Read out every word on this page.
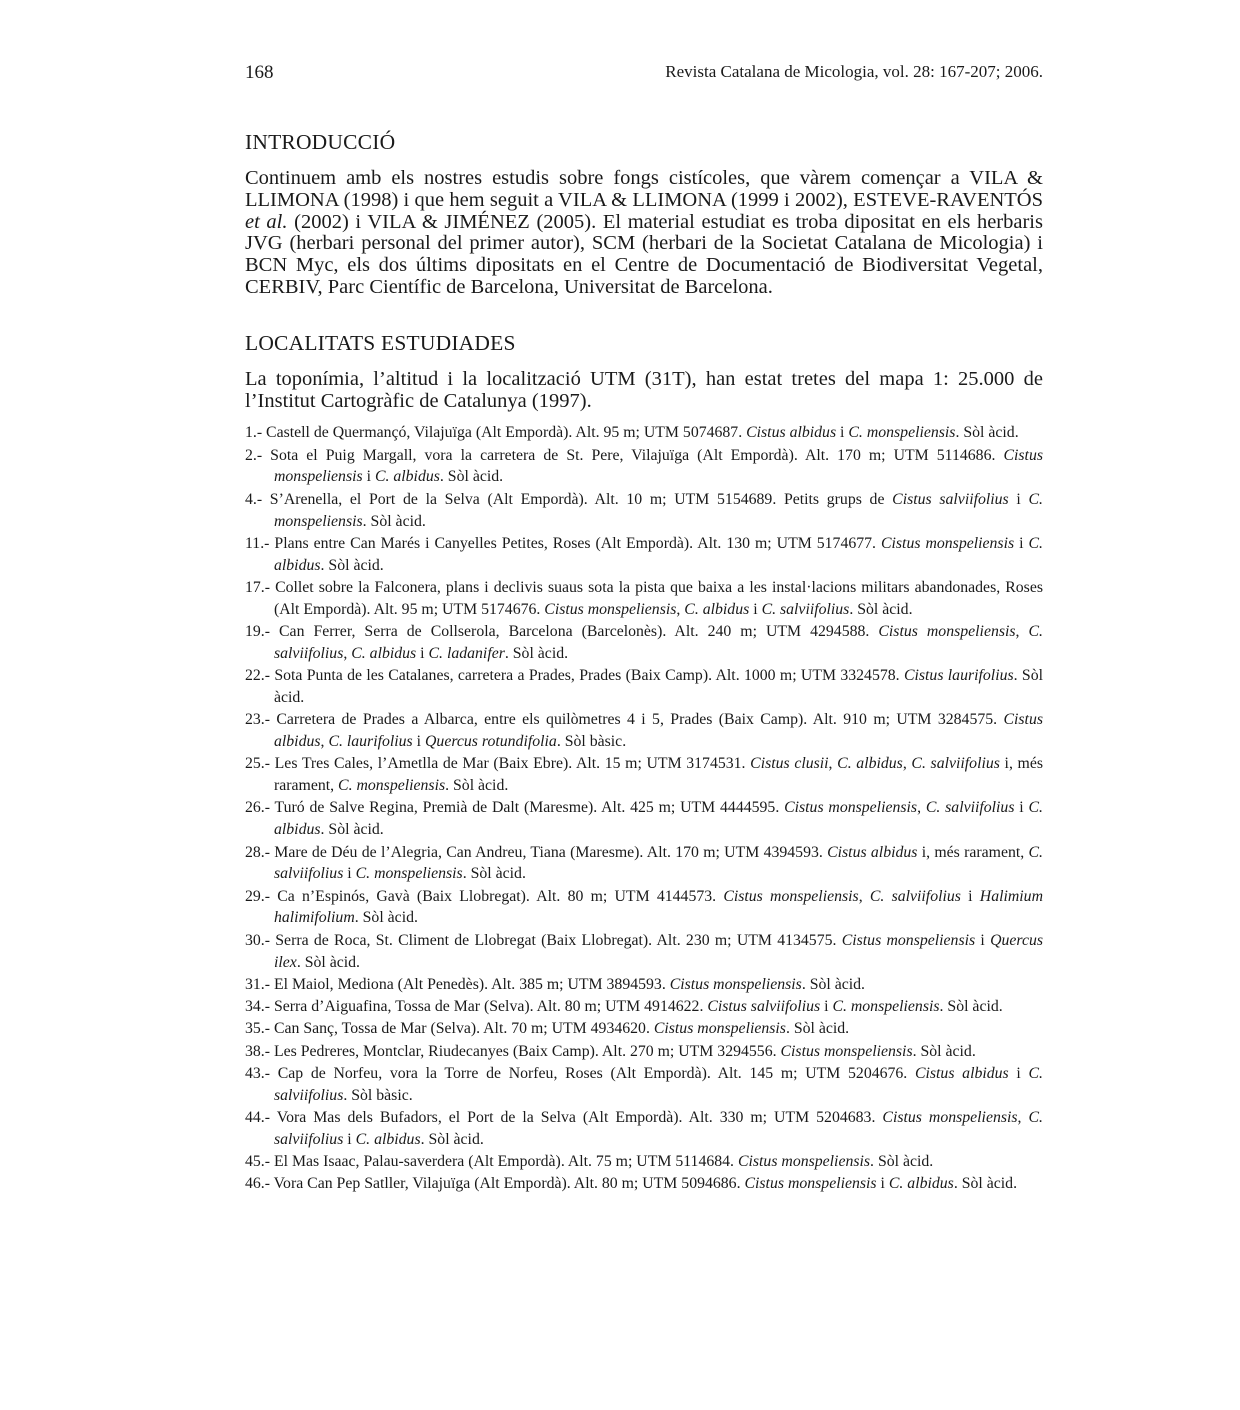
168	Revista Catalana de Micologia, vol. 28: 167-207; 2006.
INTRODUCCIÓ

Continuem amb els nostres estudis sobre fongs cistícoles, que vàrem començar a VILA & LLIMONA (1998) i que hem seguit a VILA & LLIMONA (1999 i 2002), ESTEVE-RAVENTÓS et al. (2002) i VILA & JIMÉNEZ (2005). El material estudiat es troba dipositat en els herbaris JVG (herbari personal del primer autor), SCM (herbari de la Societat Catalana de Micologia) i BCN Myc, els dos últims dipositats en el Centre de Documentació de Biodiversitat Vegetal, CERBIV, Parc Científic de Barcelona, Universitat de Barcelona.

LOCALITATS ESTUDIADES

La toponímia, l’altitud i la localització UTM (31T), han estat tretes del mapa 1: 25.000 de l’Institut Cartogràfic de Catalunya (1997).

1.- Castell de Quermançó, Vilajuïga (Alt Empordà). Alt. 95 m; UTM 5074687. Cistus albidus i C. monspeliensis. Sòl àcid.
2.- Sota el Puig Margall, vora la carretera de St. Pere, Vilajuïga (Alt Empordà). Alt. 170 m; UTM 5114686. Cistus monspeliensis i C. albidus. Sòl àcid.
4.- S’Arenella, el Port de la Selva (Alt Empordà). Alt. 10 m; UTM 5154689. Petits grups de Cistus salviifolius i C. monspeliensis. Sòl àcid.
11.- Plans entre Can Marés i Canyelles Petites, Roses (Alt Empordà). Alt. 130 m; UTM 5174677. Cistus monspeliensis i C. albidus. Sòl àcid.
17.- Collet sobre la Falconera, plans i declivis suaus sota la pista que baixa a les instal·lacions militars abandonades, Roses (Alt Empordà). Alt. 95 m; UTM 5174676. Cistus monspeliensis, C. albidus i C. salviifolius. Sòl àcid.
19.- Can Ferrer, Serra de Collserola, Barcelona (Barcelonès). Alt. 240 m; UTM 4294588. Cistus monspeliensis, C. salviifolius, C. albidus i C. ladanifer. Sòl àcid.
22.- Sota Punta de les Catalanes, carretera a Prades, Prades (Baix Camp). Alt. 1000 m; UTM 3324578. Cistus laurifolius. Sòl àcid.
23.- Carretera de Prades a Albarca, entre els quilòmetres 4 i 5, Prades (Baix Camp). Alt. 910 m; UTM 3284575. Cistus albidus, C. laurifolius i Quercus rotundifolia. Sòl bàsic.
25.- Les Tres Cales, l’Ametlla de Mar (Baix Ebre). Alt. 15 m; UTM 3174531. Cistus clusii, C. albidus, C. salviifolius i, més rarament, C. monspeliensis. Sòl àcid.
26.- Turó de Salve Regina, Premià de Dalt (Maresme). Alt. 425 m; UTM 4444595. Cistus monspeliensis, C. salviifolius i C. albidus. Sòl àcid.
28.- Mare de Déu de l’Alegria, Can Andreu, Tiana (Maresme). Alt. 170 m; UTM 4394593. Cistus albidus i, més rarament, C. salviifolius i C. monspeliensis. Sòl àcid.
29.- Ca n’Espinós, Gavà (Baix Llobregat). Alt. 80 m; UTM 4144573. Cistus monspeliensis, C. salviifolius i Halimium halimifolium. Sòl àcid.
30.- Serra de Roca, St. Climent de Llobregat (Baix Llobregat). Alt. 230 m; UTM 4134575. Cistus monspeliensis i Quercus ilex. Sòl àcid.
31.- El Maiol, Mediona (Alt Penedès). Alt. 385 m; UTM 3894593. Cistus monspeliensis. Sòl àcid.
34.- Serra d’Aiguafina, Tossa de Mar (Selva). Alt. 80 m; UTM 4914622. Cistus salviifolius i C. monspeliensis. Sòl àcid.
35.- Can Sanç, Tossa de Mar (Selva). Alt. 70 m; UTM 4934620. Cistus monspeliensis. Sòl àcid.
38.- Les Pedreres, Montclar, Riudecanyes (Baix Camp). Alt. 270 m; UTM 3294556. Cistus monspeliensis. Sòl àcid.
43.- Cap de Norfeu, vora la Torre de Norfeu, Roses (Alt Empordà). Alt. 145 m; UTM 5204676. Cistus albidus i C. salviifolius. Sòl bàsic.
44.- Vora Mas dels Bufadors, el Port de la Selva (Alt Empordà). Alt. 330 m; UTM 5204683. Cistus monspeliensis, C. salviifolius i C. albidus. Sòl àcid.
45.- El Mas Isaac, Palau-saverdera (Alt Empordà). Alt. 75 m; UTM 5114684. Cistus monspeliensis. Sòl àcid.
46.- Vora Can Pep Satller, Vilajuïga (Alt Empordà). Alt. 80 m; UTM 5094686. Cistus monspeliensis i C. albidus. Sòl àcid.
